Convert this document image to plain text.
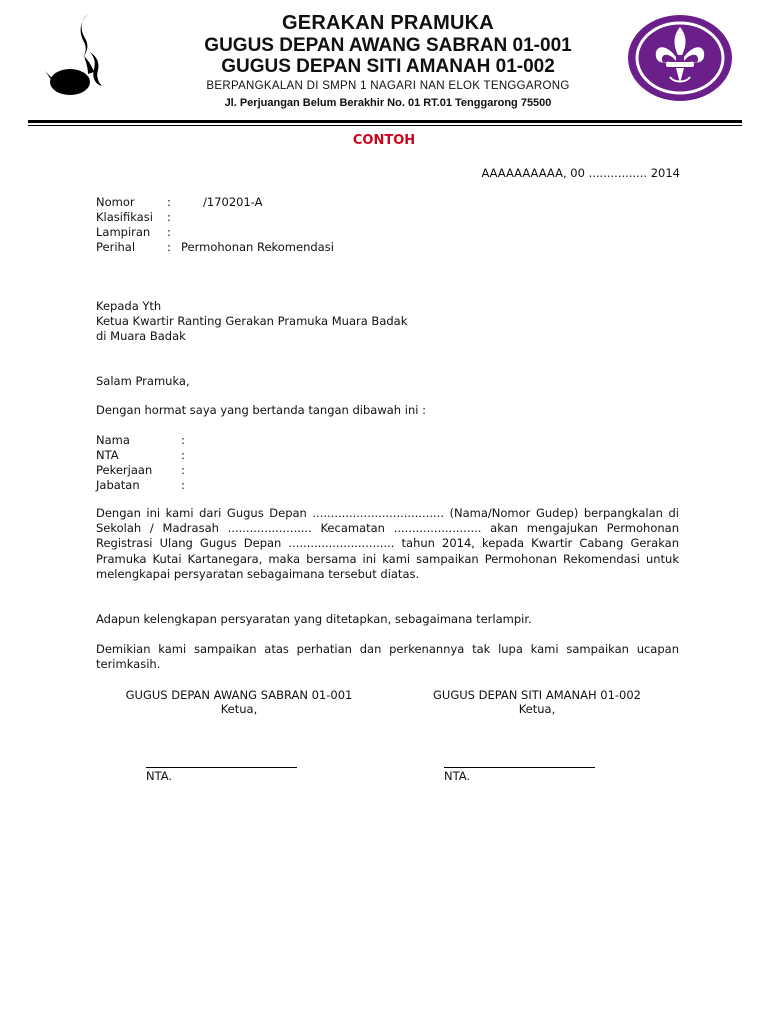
GERAKAN PRAMUKA
GUGUS DEPAN AWANG SABRAN 01-001
GUGUS DEPAN SITI AMANAH 01-002
BERPANGKALAN DI SMPN 1 NAGARI NAN ELOK TENGGARONG
Jl. Perjuangan Belum Berakhir No. 01 RT.01 Tenggarong 75500
CONTOH
AAAAAAAAAA, 00 ................ 2014
Nomor	:	/170201-A
Klasifikasi :
Lampiran :
Perihal	: Permohonan Rekomendasi
Kepada Yth
Ketua Kwartir Ranting Gerakan Pramuka Muara Badak
di Muara Badak
Salam Pramuka,
Dengan hormat saya yang bertanda tangan dibawah ini :
Nama	:
NTA	:
Pekerjaan	:
Jabatan	:
Dengan ini kami dari Gugus Depan .................................... (Nama/Nomor Gudep) berpangkalan di Sekolah / Madrasah ....................... Kecamatan ........................ akan mengajukan Permohonan Registrasi Ulang Gugus Depan ............................. tahun 2014, kepada Kwartir Cabang Gerakan Pramuka Kutai Kartanegara, maka bersama ini kami sampaikan Permohonan Rekomendasi untuk melengkapai persyaratan sebagaimana tersebut diatas.
Adapun kelengkapan persyaratan yang ditetapkan, sebagaimana terlampir.
Demikian kami sampaikan atas perhatian dan perkenannya tak lupa kami sampaikan ucapan terimkasih.
GUGUS DEPAN AWANG SABRAN 01-001
Ketua,
NTA.
GUGUS DEPAN SITI AMANAH 01-002
Ketua,
NTA.
